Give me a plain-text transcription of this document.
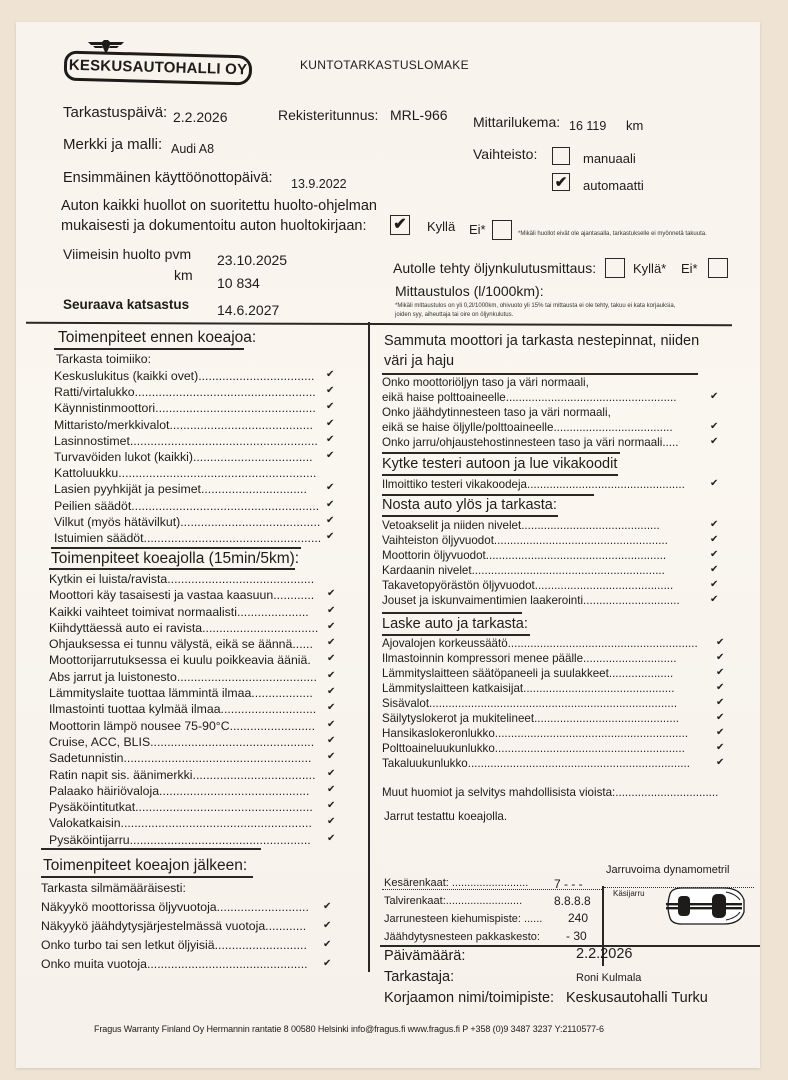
KESKUSAUTOHALLI OY	KUNTOTARKASTUSLOMAKE
Tarkastuspäivä: 2.2.2026	Rekisteritunnus: MRL-966 Mittarilukema: 16 119 km
Merkki ja malli: Audi A8	Vaihteisto:	manuaali
✔ automaatti
Ensimmäinen käyttöönottopäivä: 13.9.2022
Auton kaikki huollot on suoritettu huolto-ohjelman
mukaisesti ja dokumentoitu auton huoltokirjaan: ✔ Kyllä Ei*	*Mikäli huollot eivät ole ajantasalla, tarkastukselle ei myönnetä takuuta.
Viimeisin huolto pvm 23.10.2025
km 10 834
Seuraava katsastus 14.6.2027
Autolle tehty öljynkulutusmittaus:	Kyllä* Ei*
Mittaustulos (l/1000km):
*Mikäli mittaustulos on yli 0,2l/1000km, ohivuoto yli 15% tai mittausta ei ole tehty, takuu ei kata korjauksia, joiden syy, aiheuttaja tai oire on öljynkulutus.
Toimenpiteet ennen koeajoa:
Tarkasta toimiiko:
Keskuslukitus (kaikki ovet).................................. ✔
Ratti/virtalukko..................................................... ✔
Käynnistinmoottori............................................... ✔
Mittaristo/merkkivalot.......................................... ✔
Lasinnostimet....................................................... ✔
Turvavöiden lukot (kaikki)................................... ✔
Kattoluukku..........................................................
Lasien pyyhkijät ja pesimet............................... ✔
Peilien säädöt....................................................... ✔
Vilkut (myös hätävilkut)......................................... ✔
Istuimien säädöt.................................................... ✔
Toimenpiteet koeajolla (15min/5km):
Kytkin ei luista/ravista...........................................
Moottori käy tasaisesti ja vastaa kaasuun............ ✔
Kaikki vaihteet toimivat normaalisti..................... ✔
Kiihdyttäessä auto ei ravista.................................. ✔
Ohjauksessa ei tunnu välystä, eikä se äännä...... ✔
Moottorijarrutuksessa ei kuulu poikkeavia ääniä. ✔
Abs jarrut ja luistonesto......................................... ✔
Lämmityslaite tuottaa lämmintä ilmaa.................. ✔
Ilmastointi tuottaa kylmää ilmaa............................ ✔
Moottorin lämpö nousee 75-90°C......................... ✔
Cruise, ACC, BLIS................................................ ✔
Sadetunnistin....................................................... ✔
Ratin napit sis. äänimerkki.................................... ✔
Palaako häiriövaloja............................................ ✔
Pysäköintitutkat.................................................... ✔
Valokatkaisin........................................................ ✔
Pysäköintijarru..................................................... ✔
Toimenpiteet koeajon jälkeen:
Tarkasta silmämääräisesti:
Näkyykö moottorissa öljyvuotoja........................... ✔
Näkyykö jäähdytysjärjestelmässä vuotoja............ ✔
Onko turbo tai sen letkut öljyisiä........................... ✔
Onko muita vuotoja............................................... ✔
Sammuta moottori ja tarkasta nestepinnat, niiden
väri ja haju
Onko moottoriöljyn taso ja väri normaali,
eikä haise polttoaineelle.....................................................	✔
Onko jäähdytinnesteen taso ja väri normaali,
eikä se haise öljylle/polttoaineelle.....................................	✔
Onko jarru/ohjaustehostinnesteen taso ja väri normaali.....	✔
Kytke testeri autoon ja lue vikakoodit
Ilmoittiko testeri vikakoodeja.................................................	✔
Nosta auto ylös ja tarkasta:
Vetoakselit ja niiden nivelet...........................................	✔
Vaihteiston öljyvuodot......................................................	✔
Moottorin öljyvuodot........................................................	✔
Kardaanin nivelet............................................................	✔
Takavetopyörästön öljyvuodot...........................................	✔
Jouset ja iskunvaimentimien laakerointi..............................	✔
Laske auto ja tarkasta:
Ajovalojen korkeussäätö........................................................... ✔
Ilmastoinnin kompressori menee päälle.............................	✔
Lämmityslaitteen säätöpaneeli ja suulakkeet....................	✔
Lämmityslaitteen katkaisijat...............................................	✔
Sisävalot.............................................................................	✔
Säilytyslokerot ja mukitelineet.............................................	✔
Hansikaslokeronlukko............................................................	✔
Polttoaineluukunlukko...........................................................	✔
Takaluukunlukko.....................................................................	✔
Muut huomiot ja selvitys mahdollisista vioista:................................
Jarrut testattu koeajolla.
Kesärenkaat: ......................... 7 - - -
Talvirenkaat:.........................	8.8.8.8
Jarrunesteen kiehumispiste: ...... 240
Jäähdytysnesteen pakkaskesto: - 30
Jarruvoima dynamometril
Käsijarru
Päivämäärä:	2.2.2026
Tarkastaja:	Roni Kulmala
Korjaamon nimi/toimipiste: Keskusautohalli Turku
Fragus Warranty Finland Oy Hermannin rantatie 8 00580 Helsinki info@fragus.fi www.fragus.fi P +358 (0)9 3487 3237 Y:2110577-6
